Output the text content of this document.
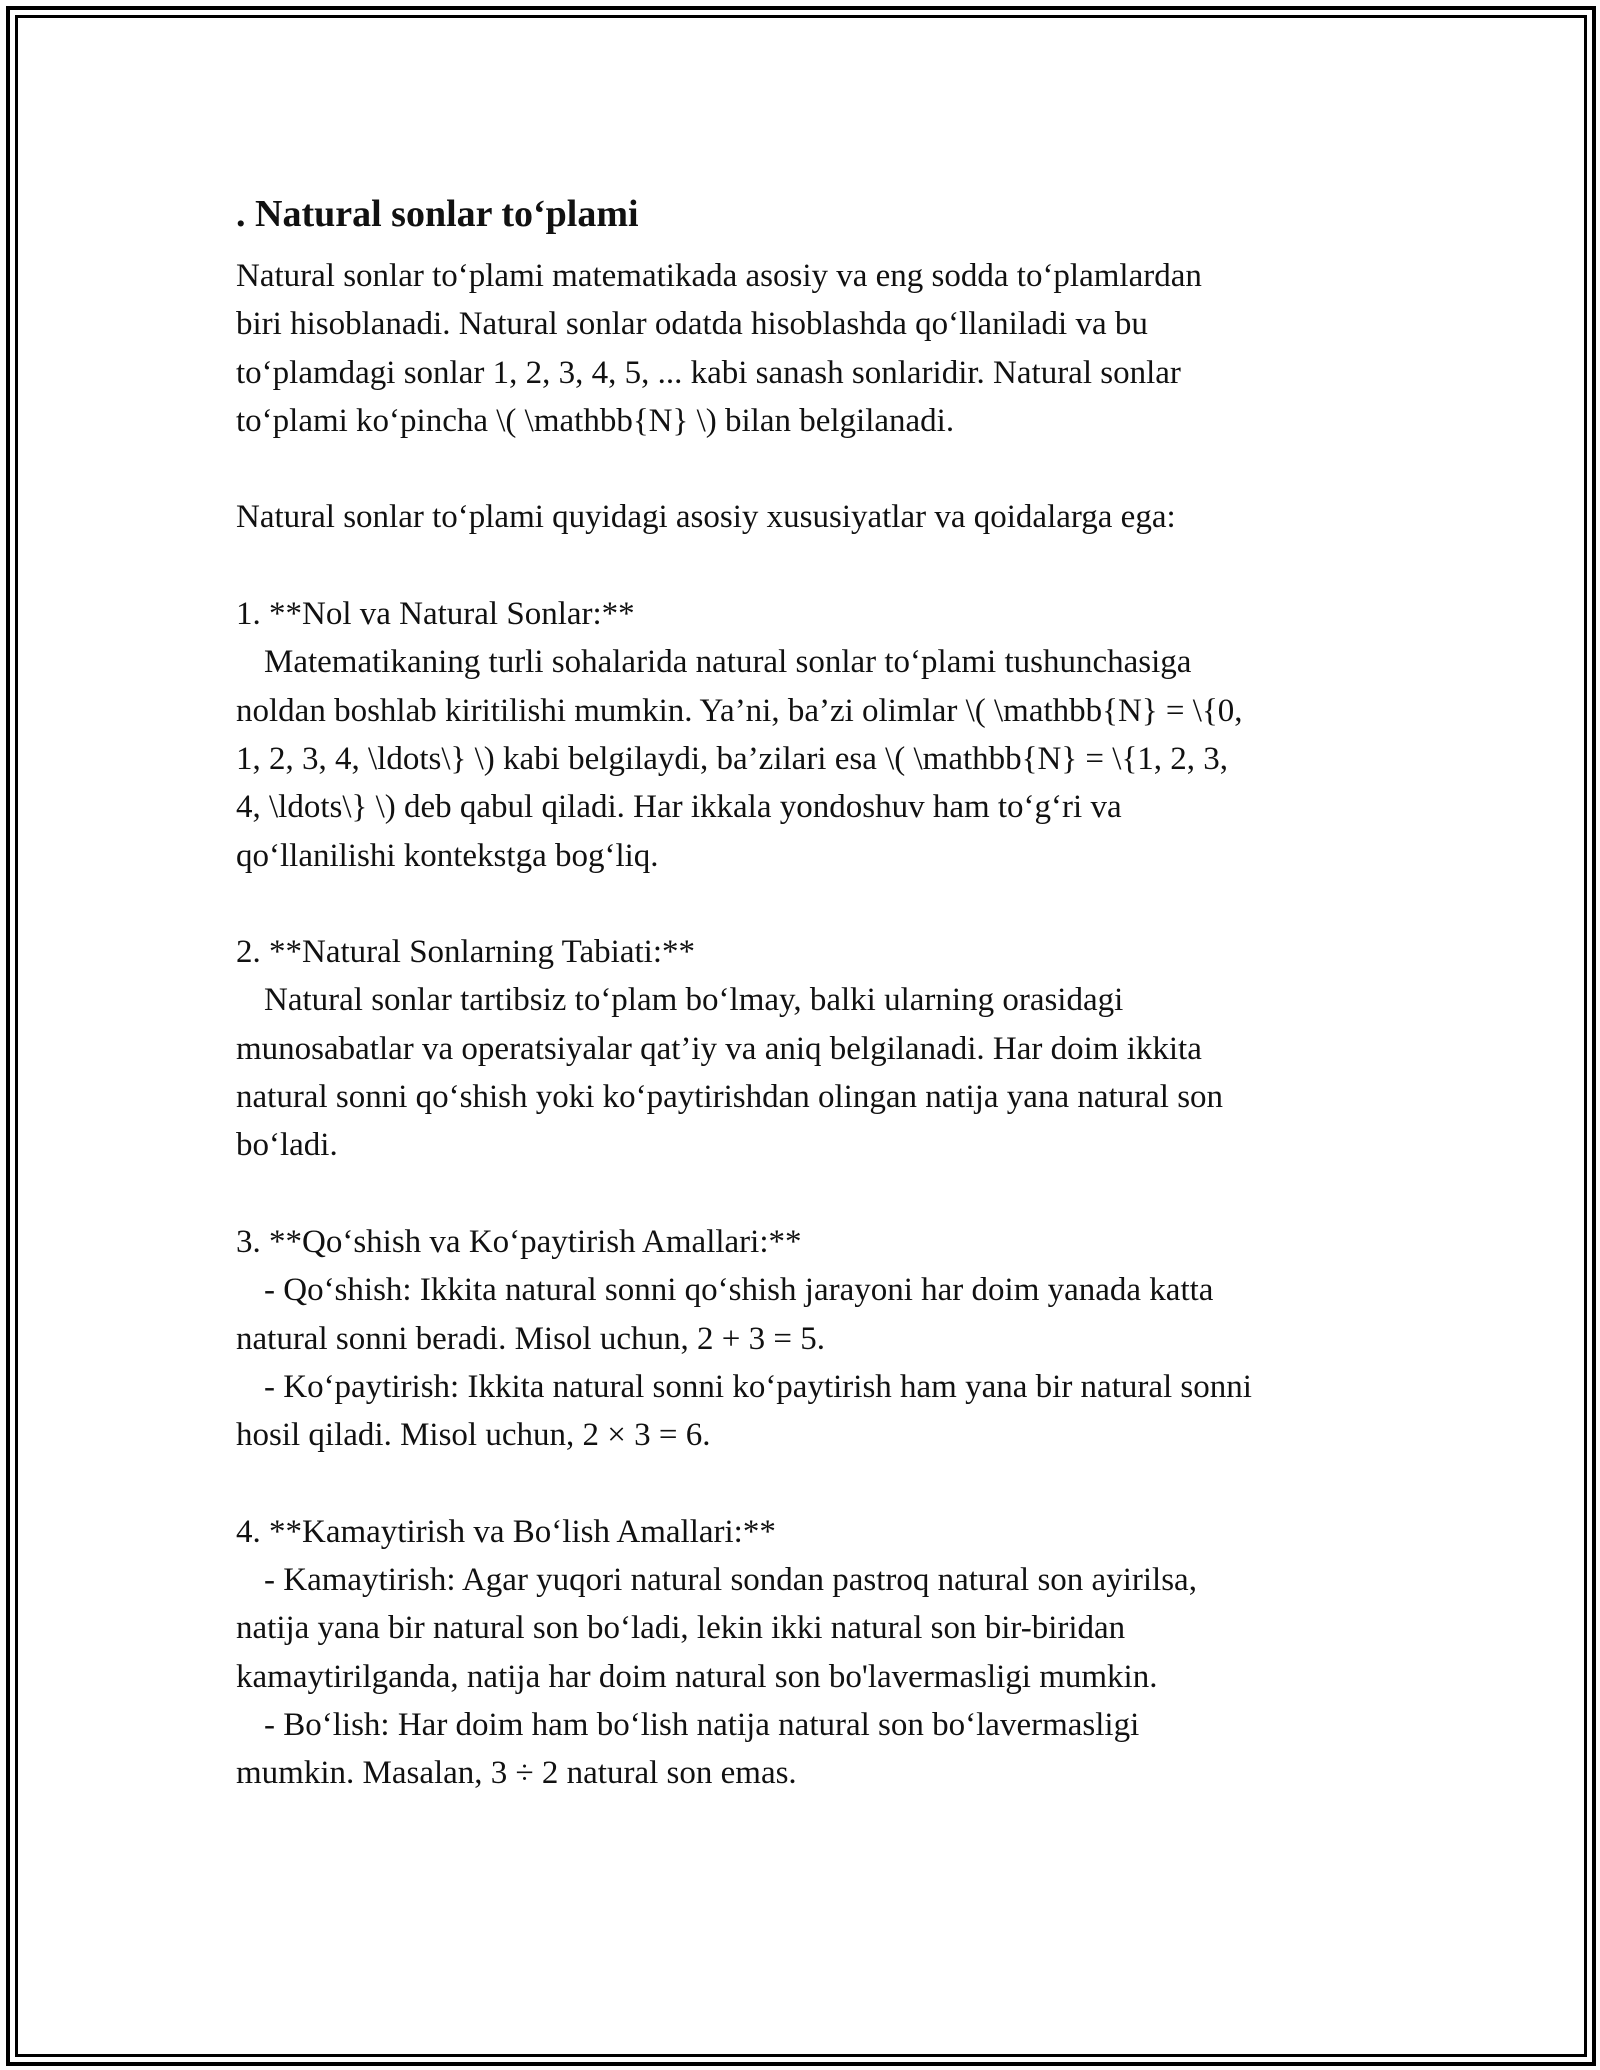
. Natural sonlar to‘plami
Natural sonlar to‘plami matematikada asosiy va eng sodda to‘plamlardan
biri hisoblanadi. Natural sonlar odatda hisoblashda qo‘llaniladi va bu
to‘plamdagi sonlar 1, 2, 3, 4, 5, ... kabi sanash sonlaridir. Natural sonlar
to‘plami ko‘pincha \( \mathbb{N} \) bilan belgilanadi.
Natural sonlar to‘plami quyidagi asosiy xususiyatlar va qoidalarga ega:
1. **Nol va Natural Sonlar:**
Matematikaning turli sohalarida natural sonlar to‘plami tushunchasiga
noldan boshlab kiritilishi mumkin. Ya’ni, ba’zi olimlar \( \mathbb{N} = \{0,
1, 2, 3, 4, \ldots\} \) kabi belgilaydi, ba’zilari esa \( \mathbb{N} = \{1, 2, 3,
4, \ldots\} \) deb qabul qiladi. Har ikkala yondoshuv ham to‘g‘ri va
qo‘llanilishi kontekstga bog‘liq.
2. **Natural Sonlarning Tabiati:**
Natural sonlar tartibsiz to‘plam bo‘lmay, balki ularning orasidagi
munosabatlar va operatsiyalar qat’iy va aniq belgilanadi. Har doim ikkita
natural sonni qo‘shish yoki ko‘paytirishdan olingan natija yana natural son
bo‘ladi.
3. **Qo‘shish va Ko‘paytirish Amallari:**
- Qo‘shish: Ikkita natural sonni qo‘shish jarayoni har doim yanada katta
natural sonni beradi. Misol uchun, 2 + 3 = 5.
- Ko‘paytirish: Ikkita natural sonni ko‘paytirish ham yana bir natural sonni
hosil qiladi. Misol uchun, 2 × 3 = 6.
4. **Kamaytirish va Bo‘lish Amallari:**
- Kamaytirish: Agar yuqori natural sondan pastroq natural son ayirilsa,
natija yana bir natural son bo‘ladi, lekin ikki natural son bir-biridan
kamaytirilganda, natija har doim natural son bo'lavermasligi mumkin.
- Bo‘lish: Har doim ham bo‘lish natija natural son bo‘lavermasligi
mumkin. Masalan, 3 ÷ 2 natural son emas.
